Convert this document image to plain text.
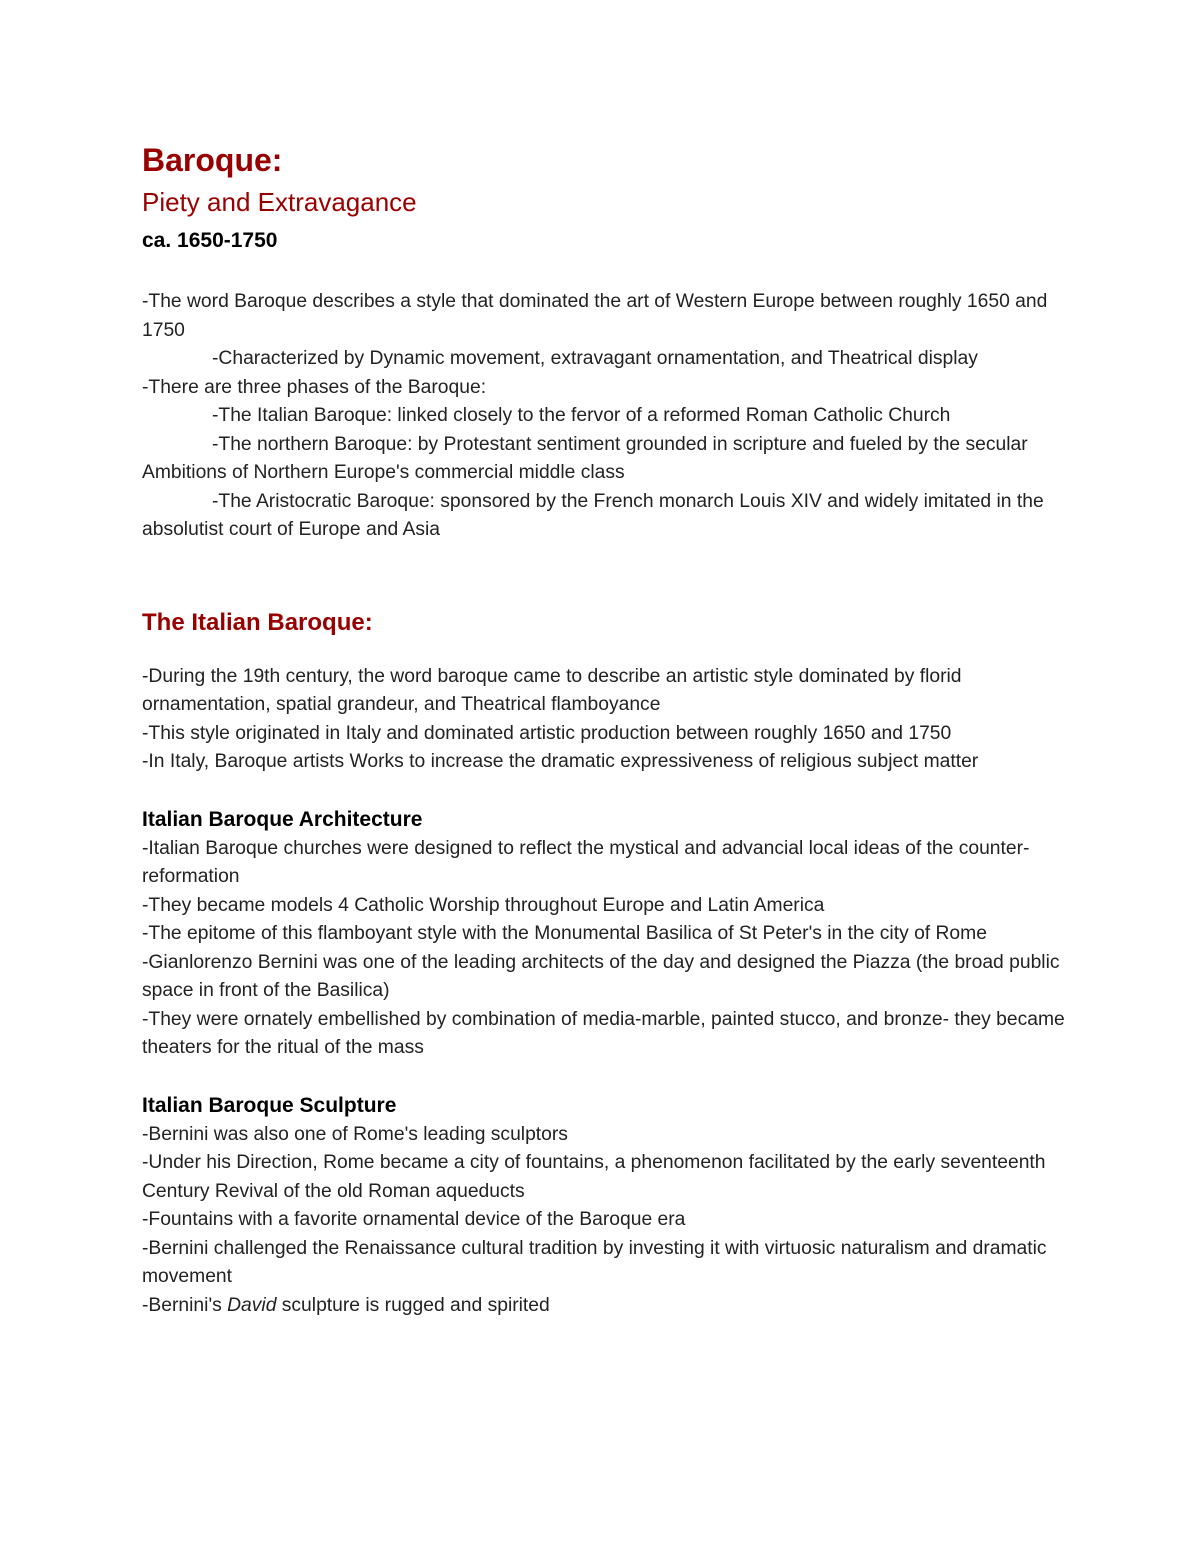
Baroque:
Piety and Extravagance
ca. 1650-1750

-The word Baroque describes a style that dominated the art of Western Europe between roughly 1650 and 1750

-Characterized by Dynamic movement, extravagant ornamentation, and Theatrical display

-There are three phases of the Baroque:

-The Italian Baroque: linked closely to the fervor of a reformed Roman Catholic Church

-The northern Baroque: by Protestant sentiment grounded in scripture and fueled by the secular Ambitions of Northern Europe's commercial middle class

-The Aristocratic Baroque: sponsored by the French monarch Louis XIV and widely imitated in the absolutist court of Europe and Asia

The Italian Baroque:

-During the 19th century, the word baroque came to describe an artistic style dominated by florid ornamentation, spatial grandeur, and Theatrical flamboyance

-This style originated in Italy and dominated artistic production between roughly 1650 and 1750

-In Italy, Baroque artists Works to increase the dramatic expressiveness of religious subject matter

Italian Baroque Architecture

-Italian Baroque churches were designed to reflect the mystical and advancial local ideas of the counter-reformation

-They became models 4 Catholic Worship throughout Europe and Latin America

-The epitome of this flamboyant style with the Monumental Basilica of St Peter's in the city of Rome

-Gianlorenzo Bernini was one of the leading architects of the day and designed the Piazza (the broad public space in front of the Basilica)

-They were ornately embellished by combination of media-marble, painted stucco, and bronze- they became theaters for the ritual of the mass

Italian Baroque Sculpture

-Bernini was also one of Rome's leading sculptors

-Under his Direction, Rome became a city of fountains, a phenomenon facilitated by the early seventeenth Century Revival of the old Roman aqueducts

-Fountains with a favorite ornamental device of the Baroque era

-Bernini challenged the Renaissance cultural tradition by investing it with virtuosic naturalism and dramatic movement

-Bernini's David sculpture is rugged and spirited
